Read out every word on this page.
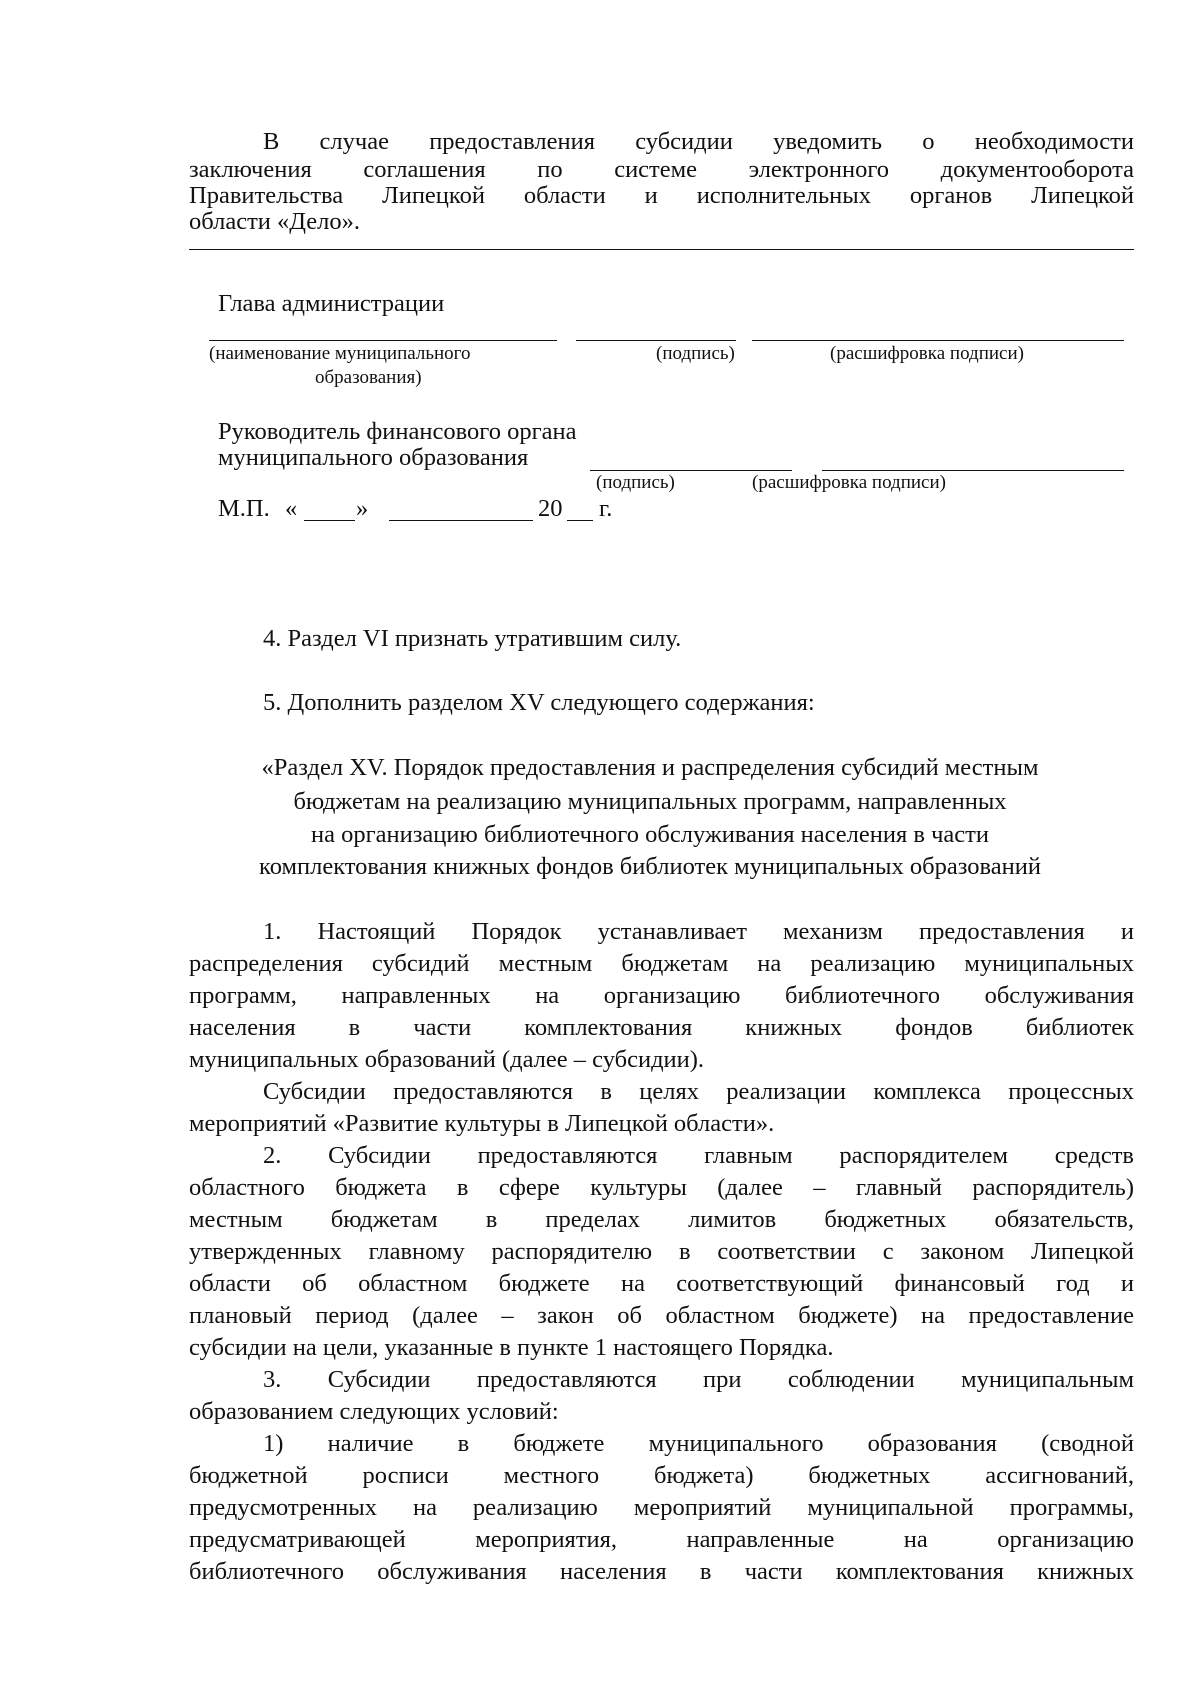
В случае предоставления субсидии уведомить о необходимости
заключения соглашения по системе электронного документооборота
Правительства Липецкой области и исполнительных органов Липецкой
области «Дело».
Глава администрации
(наименование муниципального
образования)
(подпись)	(расшифровка подписи)
Руководитель финансового органа
муниципального образования
(подпись)	(расшифровка подписи)
М.П. « »	20 г.
4. Раздел VI признать утратившим силу.
5. Дополнить разделом XV следующего содержания:
«Раздел XV. Порядок предоставления и распределения субсидий местным
бюджетам на реализацию муниципальных программ, направленных
на организацию библиотечного обслуживания населения в части
комплектования книжных фондов библиотек муниципальных образований
1. Настоящий Порядок устанавливает механизм предоставления и
распределения субсидий местным бюджетам на реализацию муниципальных
программ, направленных на организацию библиотечного обслуживания
населения в части комплектования книжных фондов библиотек
муниципальных образований (далее – субсидии).
Субсидии предоставляются в целях реализации комплекса процессных
мероприятий «Развитие культуры в Липецкой области».
2. Субсидии предоставляются главным распорядителем средств
областного бюджета в сфере культуры (далее – главный распорядитель)
местным бюджетам в пределах лимитов бюджетных обязательств,
утвержденных главному распорядителю в соответствии с законом Липецкой
области об областном бюджете на соответствующий финансовый год и
плановый период (далее – закон об областном бюджете) на предоставление
субсидии на цели, указанные в пункте 1 настоящего Порядка.
3. Субсидии предоставляются при соблюдении муниципальным
образованием следующих условий:
1) наличие в бюджете муниципального образования (сводной
бюджетной росписи местного бюджета) бюджетных ассигнований,
предусмотренных на реализацию мероприятий муниципальной программы,
предусматривающей мероприятия, направленные на организацию
библиотечного обслуживания населения в части комплектования книжных
